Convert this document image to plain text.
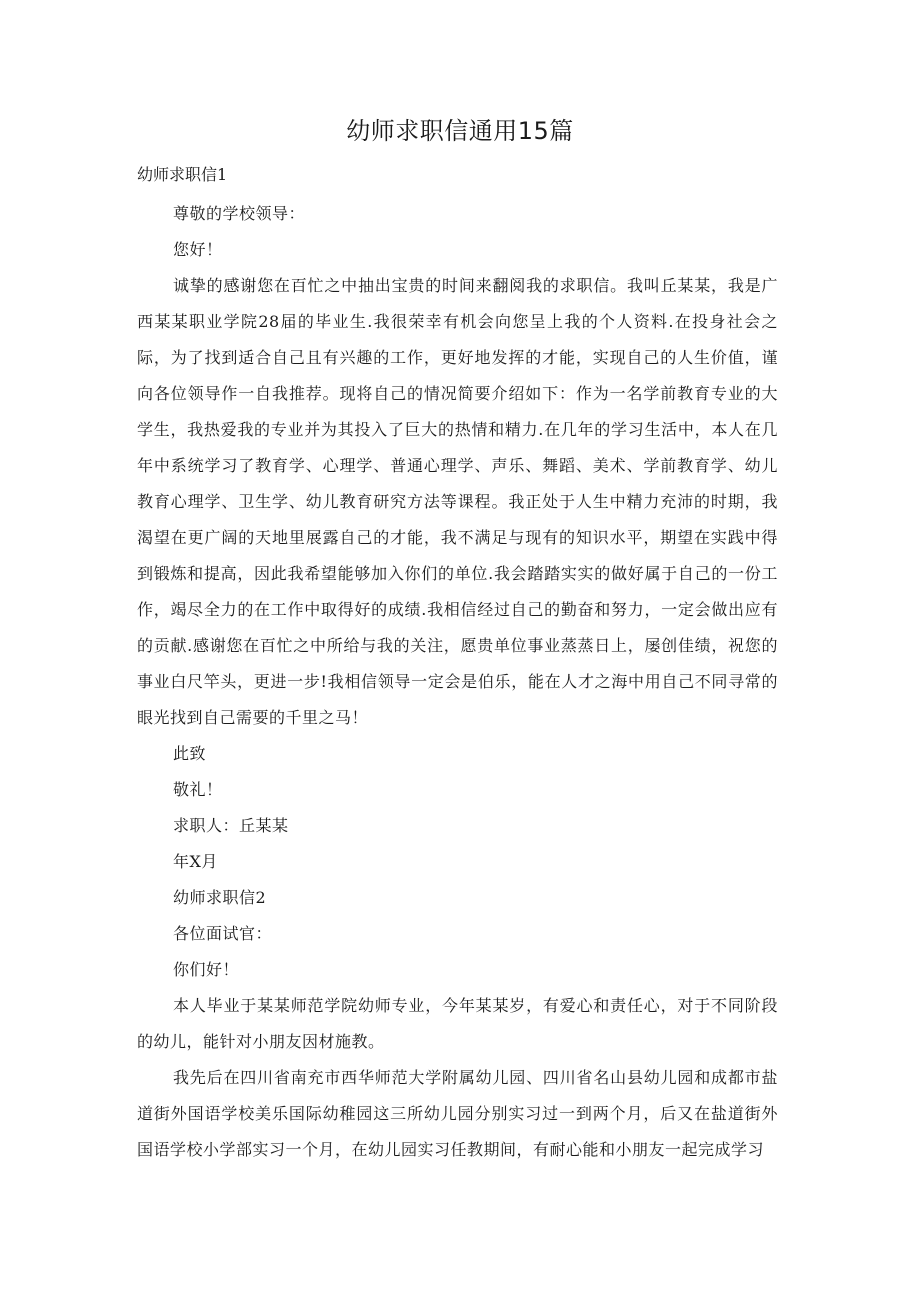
幼师求职信通用15篇

幼师求职信1

尊敬的学校领导：

您好！

诚挚的感谢您在百忙之中抽出宝贵的时间来翻阅我的求职信。我叫丘某某，我是广西某某职业学院28届的毕业生.我很荣幸有机会向您呈上我的个人资料.在投身社会之际，为了找到适合自己且有兴趣的工作，更好地发挥的才能，实现自己的人生价值，谨向各位领导作一自我推荐。现将自己的情况简要介绍如下：作为一名学前教育专业的大学生，我热爱我的专业并为其投入了巨大的热情和精力.在几年的学习生活中，本人在几年中系统学习了教育学、心理学、普通心理学、声乐、舞蹈、美术、学前教育学、幼儿教育心理学、卫生学、幼儿教育研究方法等课程。我正处于人生中精力充沛的时期，我渴望在更广阔的天地里展露自己的才能，我不满足与现有的知识水平，期望在实践中得到锻炼和提高，因此我希望能够加入你们的单位.我会踏踏实实的做好属于自己的一份工作，竭尽全力的在工作中取得好的成绩.我相信经过自己的勤奋和努力，一定会做出应有的贡献.感谢您在百忙之中所给与我的关注，愿贵单位事业蒸蒸日上，屡创佳绩，祝您的事业白尺竿头，更进一步!我相信领导一定会是伯乐，能在人才之海中用自己不同寻常的眼光找到自己需要的千里之马！

此致

敬礼！

求职人：丘某某

年X月

幼师求职信2

各位面试官：

你们好！

本人毕业于某某师范学院幼师专业，今年某某岁，有爱心和责任心，对于不同阶段的幼儿，能针对小朋友因材施教。

我先后在四川省南充市西华师范大学附属幼儿园、四川省名山县幼儿园和成都市盐道街外国语学校美乐国际幼稚园这三所幼儿园分别实习过一到两个月，后又在盐道街外国语学校小学部实习一个月，在幼儿园实习任教期间，有耐心能和小朋友一起完成学习
